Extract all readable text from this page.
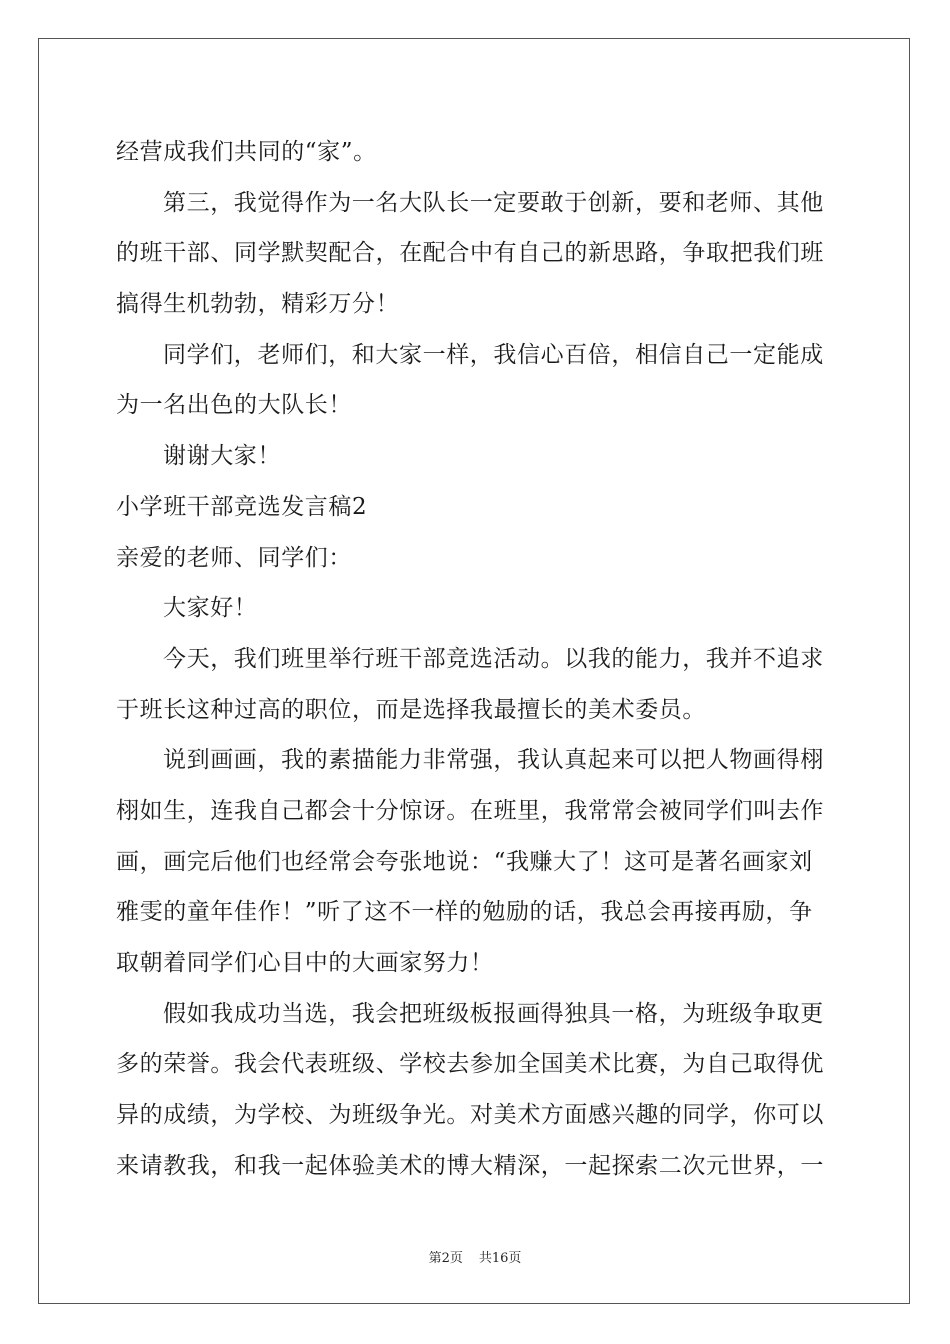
经营成我们共同的“家”。
第三，我觉得作为一名大队长一定要敢于创新，要和老师、其他
的班干部、同学默契配合，在配合中有自己的新思路，争取把我们班
搞得生机勃勃，精彩万分！
同学们，老师们，和大家一样，我信心百倍，相信自己一定能成
为一名出色的大队长！
谢谢大家！
小学班干部竞选发言稿2
亲爱的老师、同学们：
大家好！
今天，我们班里举行班干部竞选活动。以我的能力，我并不追求
于班长这种过高的职位，而是选择我最擅长的美术委员。
说到画画，我的素描能力非常强，我认真起来可以把人物画得栩
栩如生，连我自己都会十分惊讶。在班里，我常常会被同学们叫去作
画，画完后他们也经常会夸张地说：“我赚大了！这可是著名画家刘
雅雯的童年佳作！”听了这不一样的勉励的话，我总会再接再励，争
取朝着同学们心目中的大画家努力！
假如我成功当选，我会把班级板报画得独具一格，为班级争取更
多的荣誉。我会代表班级、学校去参加全国美术比赛，为自己取得优
异的成绩，为学校、为班级争光。对美术方面感兴趣的同学，你可以
来请教我，和我一起体验美术的博大精深，一起探索二次元世界，一
第2页 共16页
